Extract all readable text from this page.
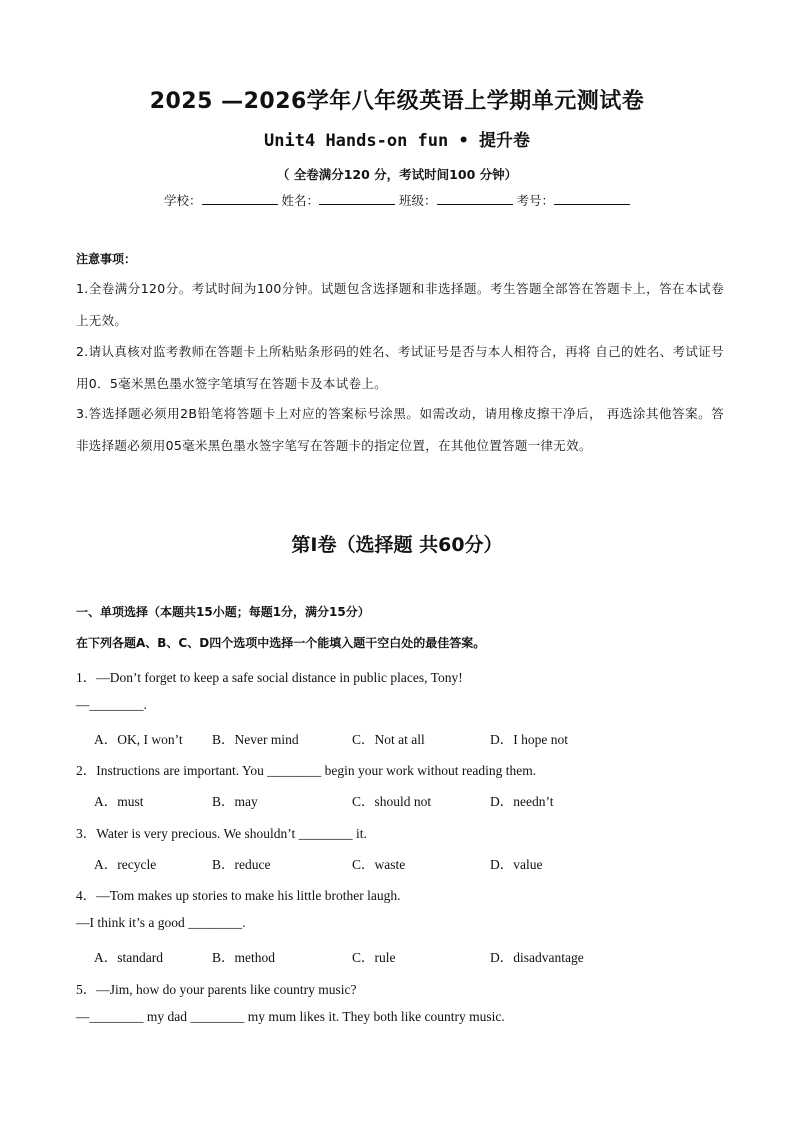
2025 —2026学年八年级英语上学期单元测试卷
Unit4 Hands-on fun • 提升卷
（ 全卷满分120 分，考试时间100 分钟）
学校：	姓名：	班级：	考号：
注意事项：
1.全卷满分120分。考试时间为100分钟。试题包含选择题和非选择题。考生答题全部答在答题卡上，答在本试卷上无效。
2.请认真核对监考教师在答题卡上所粘贴条形码的姓名、考试证号是否与本人相符合，再将 自己的姓名、考试证号用0．5毫米黑色墨水签字笔填写在答题卡及本试卷上。
3.答选择题必须用2B铅笔将答题卡上对应的答案标号涂黑。如需改动，请用橡皮擦干净后， 再选涂其他答案。答非选择题必须用05毫米黑色墨水签字笔写在答题卡的指定位置，在其他位置答题一律无效。
第Ⅰ卷（选择题 共60分）
一、单项选择（本题共15小题；每题1分，满分15分）
在下列各题A、B、C、D四个选项中选择一个能填入题干空白处的最佳答案。
1．—Don’t forget to keep a safe social distance in public places, Tony!
—________.
A．OK, I won’t B．Never mind	C．Not at all	D．I hope not
2．Instructions are important. You ________ begin your work without reading them.
A．must	B．may	C．should not	D．needn’t
3．Water is very precious. We shouldn’t ________ it.
A．recycle	B．reduce	C．waste	D．value
4．—Tom makes up stories to make his little brother laugh.
—I think it’s a good ________.
A．standard	B．method	C．rule	D．disadvantage
5．—Jim, how do your parents like country music?
—________ my dad ________ my mum likes it. They both like country music.
